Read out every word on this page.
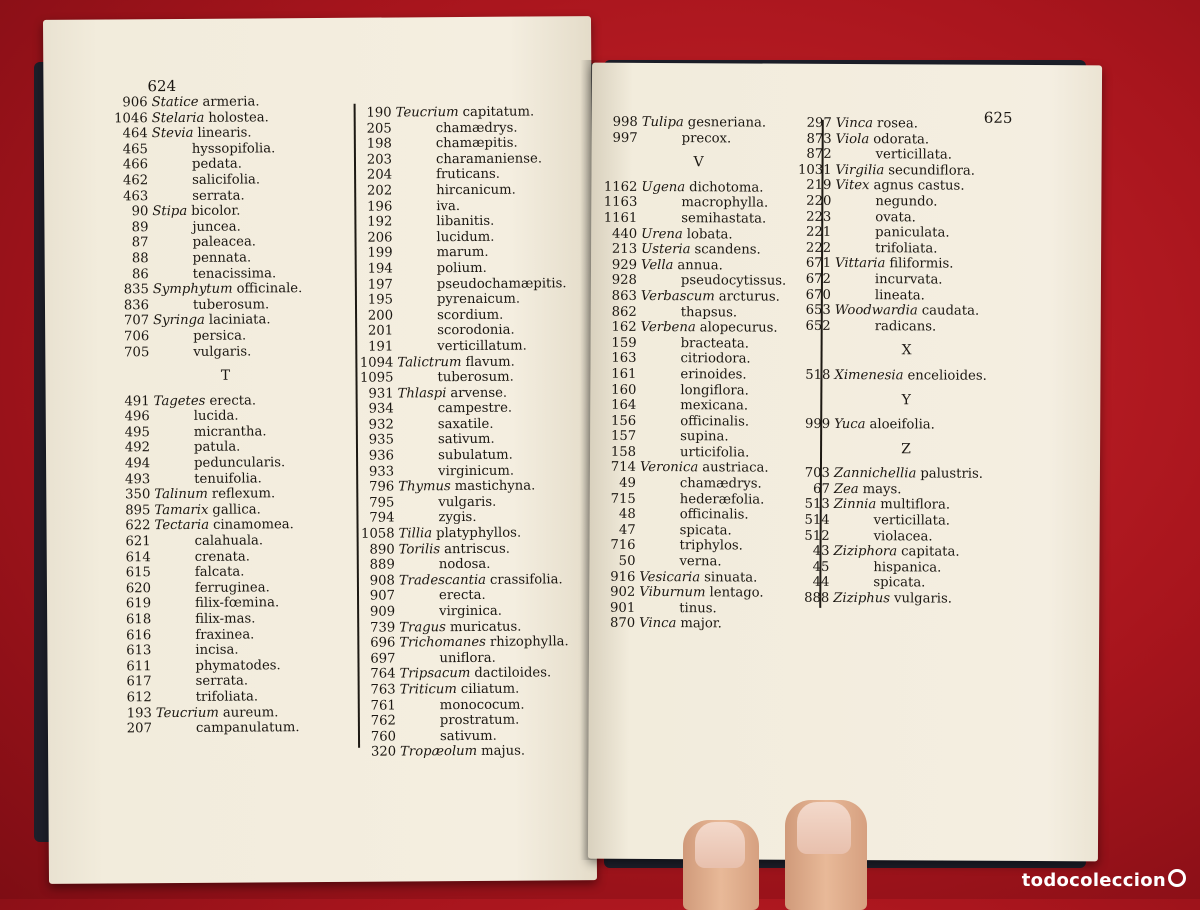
624
906 Statice armeria.
1046 Stelaria holostea.
464 Stevia linearis.
465	hyssopifolia.
466	pedata.
462	salicifolia.
463	serrata.
90 Stipa bicolor.
89	juncea.
87	paleacea.
88	pennata.
86	tenacissima.
835 Symphytum officinale.
836	tuberosum.
707 Syringa laciniata.
706	persica.
705	vulgaris.
T
491 Tagetes erecta.
496	lucida.
495	micrantha.
492	patula.
494	peduncularis.
493	tenuifolia.
350 Talinum reflexum.
895 Tamarix gallica.
622 Tectaria cinamomea.
621	calahuala.
614	crenata.
615	falcata.
620	ferruginea.
619	filix-fœmina.
618	filix-mas.
616	fraxinea.
613	incisa.
611	phymatodes.
617	serrata.
612	trifoliata.
193 Teucrium aureum.
207	campanulatum.
190 Teucrium capitatum.
205	chamædrys.
198	chamæpitis.
203	charamaniense.
204	fruticans.
202	hircanicum.
196	iva.
192	libanitis.
206	lucidum.
199	marum.
194	polium.
197	pseudochamæpitis.
195	pyrenaicum.
200	scordium.
201	scorodonia.
191	verticillatum.
1094 Talictrum flavum.
1095	tuberosum.
931 Thlaspi arvense.
934	campestre.
932	saxatile.
935	sativum.
936	subulatum.
933	virginicum.
796 Thymus mastichyna.
795	vulgaris.
794	zygis.
1058 Tillia platyphyllos.
890 Torilis antriscus.
889	nodosa.
908 Tradescantia crassifolia.
907	erecta.
909	virginica.
739 Tragus muricatus.
696 Trichomanes rhizophylla.
697	uniflora.
764 Tripsacum dactiloides.
763 Triticum ciliatum.
761	monococum.
762	prostratum.
760	sativum.
320 Tropæolum majus.
625
998 Tulipa gesneriana.
997	precox.
V
1162 Ugena dichotoma.
1163	macrophylla.
1161	semihastata.
440 Urena lobata.
213 Usteria scandens.
929 Vella annua.
928	pseudocytissus.
863 Verbascum arcturus.
862	thapsus.
162 Verbena alopecurus.
159	bracteata.
163	citriodora.
161	erinoides.
160	longiflora.
164	mexicana.
156	officinalis.
157	supina.
158	urticifolia.
714 Veronica austriaca.
49	chamædrys.
715	hederæfolia.
48	officinalis.
47	spicata.
716	triphylos.
50	verna.
916 Vesicaria sinuata.
902 Viburnum lentago.
901	tinus.
870 Vinca major.
297 Vinca rosea.
873 Viola odorata.
872	verticillata.
1031 Virgilia secundiflora.
219 Vitex agnus castus.
220	negundo.
223	ovata.
221	paniculata.
222	trifoliata.
671 Vittaria filiformis.
672	incurvata.
670	lineata.
653 Woodwardia caudata.
652	radicans.
X
518 Ximenesia encelioides.
Y
999 Yuca aloeifolia.
Z
703 Zannichellia palustris.
67 Zea mays.
513 Zinnia multiflora.
514	verticillata.
512	violacea.
43 Ziziphora capitata.
45	hispanica.
44	spicata.
888 Ziziphus vulgaris.
todocoleccion
